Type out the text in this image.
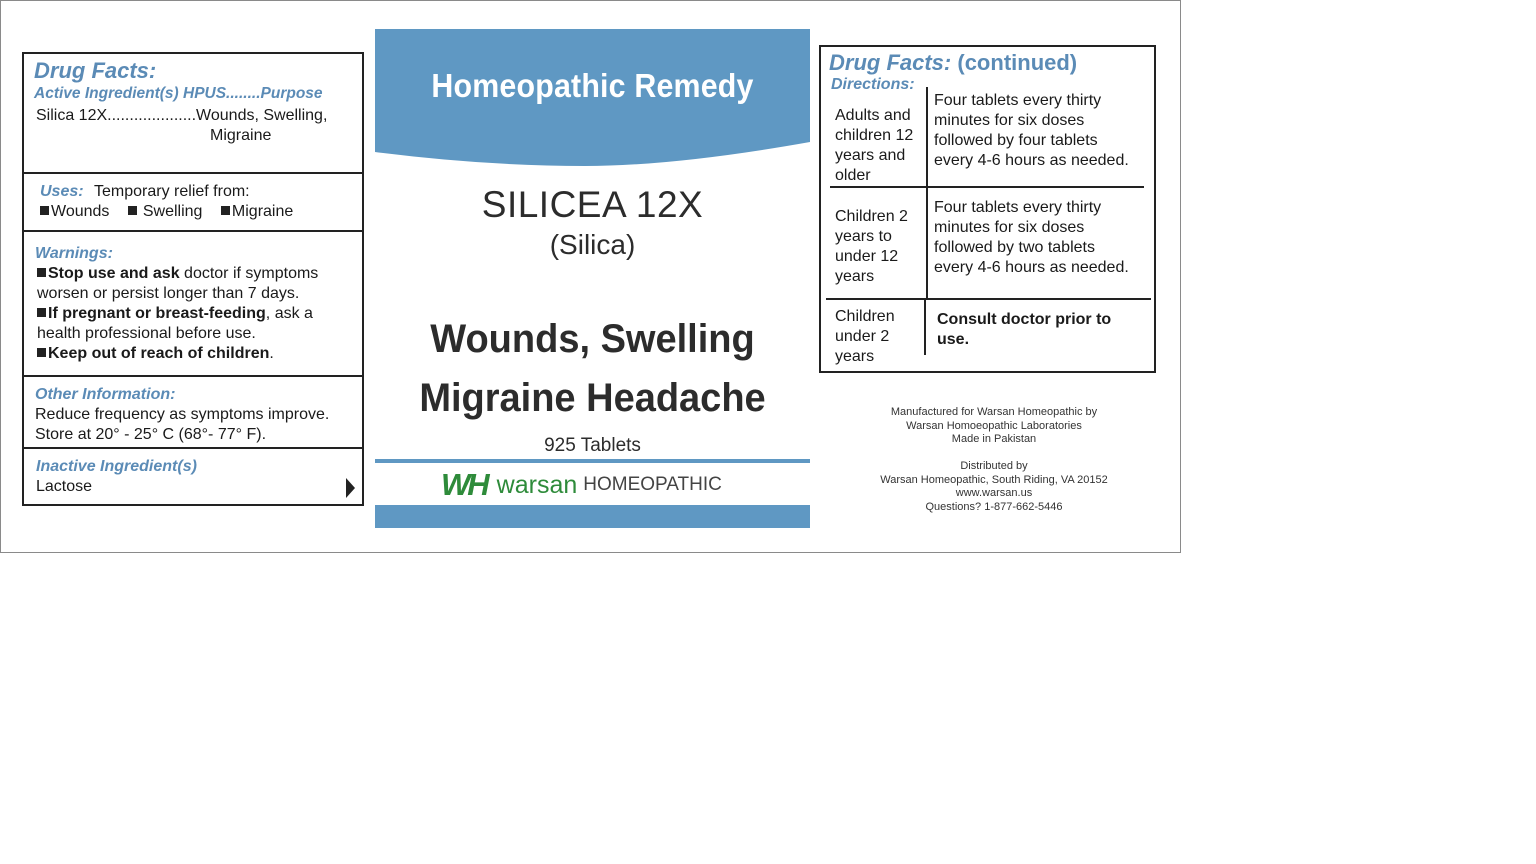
Drug Facts:
Active Ingredient(s) HPUS........Purpose
Silica 12X....................Wounds, Swelling,
Migraine
Uses: Temporary relief from:
Wounds Swelling Migraine
Warnings:
Stop use and ask doctor if symptoms
worsen or persist longer than 7 days.
If pregnant or breast-feeding, ask a
health professional before use.
Keep out of reach of children.
Other Information:
Reduce frequency as symptoms improve.
Store at 20° - 25° C (68°- 77° F).
Inactive Ingredient(s)
Lactose
Homeopathic Remedy
SILICEA 12X
(Silica)
Wounds, Swelling
Migraine Headache
925 Tablets
WH warsan HOMEOPATHIC
Drug Facts: (continued)
Directions:
Adults and
children 12
years and
older
Four tablets every thirty
minutes for six doses
followed by four tablets
every 4-6 hours as needed.
Children 2
years to
under 12
years
Four tablets every thirty
minutes for six doses
followed by two tablets
every 4-6 hours as needed.
Children
under 2
years
Consult doctor prior to
use.
Manufactured for Warsan Homeopathic by
Warsan Homoeopathic Laboratories
Made in Pakistan
Distributed by
Warsan Homeopathic, South Riding, VA 20152
www.warsan.us
Questions? 1-877-662-5446
